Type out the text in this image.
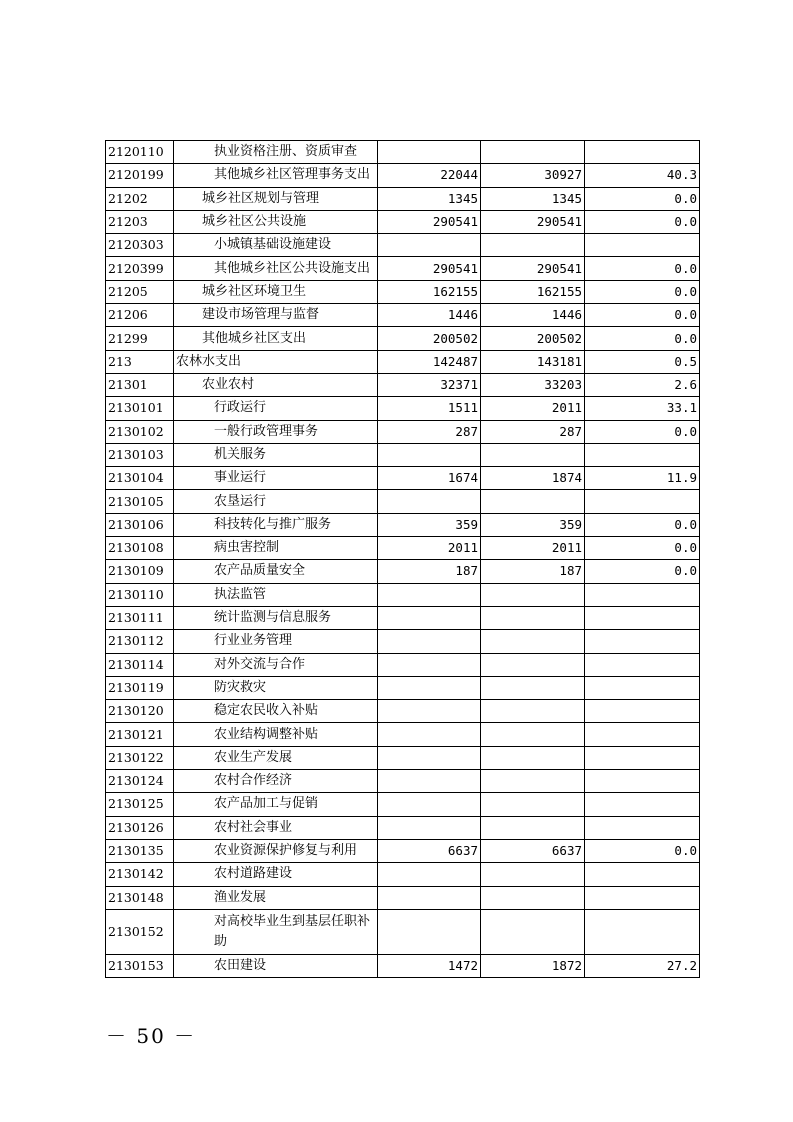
2120110	执业资格注册、资质审查			
2120199	其他城乡社区管理事务支出	22044	30927	40.3
21202	城乡社区规划与管理	1345	1345	0.0
21203	城乡社区公共设施	290541	290541	0.0
2120303	小城镇基础设施建设			
2120399	其他城乡社区公共设施支出	290541	290541	0.0
21205	城乡社区环境卫生	162155	162155	0.0
21206	建设市场管理与监督	1446	1446	0.0
21299	其他城乡社区支出	200502	200502	0.0
213	农林水支出	142487	143181	0.5
21301	农业农村	32371	33203	2.6
2130101	行政运行	1511	2011	33.1
2130102	一般行政管理事务	287	287	0.0
2130103	机关服务			
2130104	事业运行	1674	1874	11.9
2130105	农垦运行			
2130106	科技转化与推广服务	359	359	0.0
2130108	病虫害控制	2011	2011	0.0
2130109	农产品质量安全	187	187	0.0
2130110	执法监管			
2130111	统计监测与信息服务			
2130112	行业业务管理			
2130114	对外交流与合作			
2130119	防灾救灾			
2130120	稳定农民收入补贴			
2130121	农业结构调整补贴			
2130122	农业生产发展			
2130124	农村合作经济			
2130125	农产品加工与促销			
2130126	农村社会事业			
2130135	农业资源保护修复与利用	6637	6637	0.0
2130142	农村道路建设			
2130148	渔业发展			
2130152	对高校毕业生到基层任职补助			
2130153	农田建设	1472	1872	27.2
－ 50 －
